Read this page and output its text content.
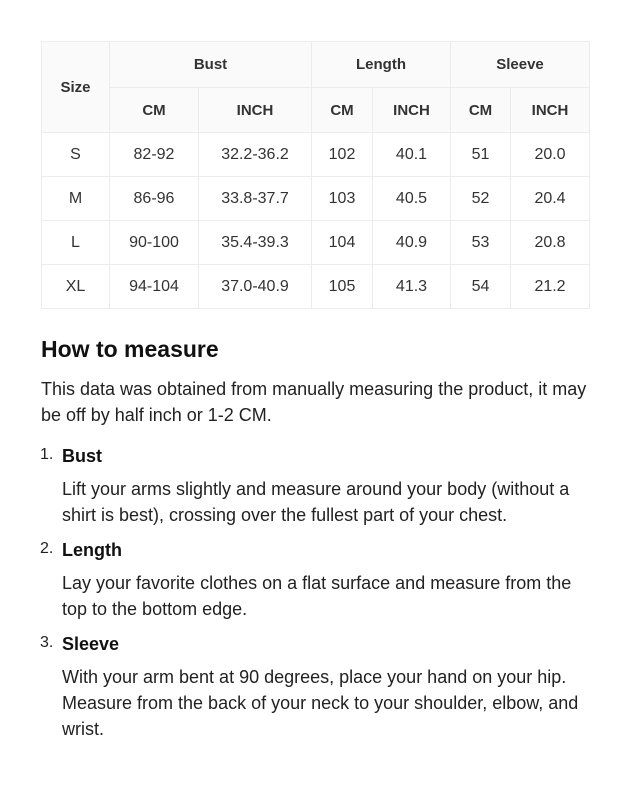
Size	Bust		Length		Sleeve	
	CM	INCH	CM	INCH	CM	INCH
S	82-92	32.2-36.2	102	40.1	51	20.0
M	86-96	33.8-37.7	103	40.5	52	20.4
L	90-100	35.4-39.3	104	40.9	53	20.8
XL	94-104	37.0-40.9	105	41.3	54	21.2
How to measure

This data was obtained from manually measuring the product, it may be off by half inch or 1-2 CM.

1. Bust
Lift your arms slightly and measure around your body (without a shirt is best), crossing over the fullest part of your chest.
2. Length
Lay your favorite clothes on a flat surface and measure from the top to the bottom edge.
3. Sleeve
With your arm bent at 90 degrees, place your hand on your hip. Measure from the back of your neck to your shoulder, elbow, and wrist.
